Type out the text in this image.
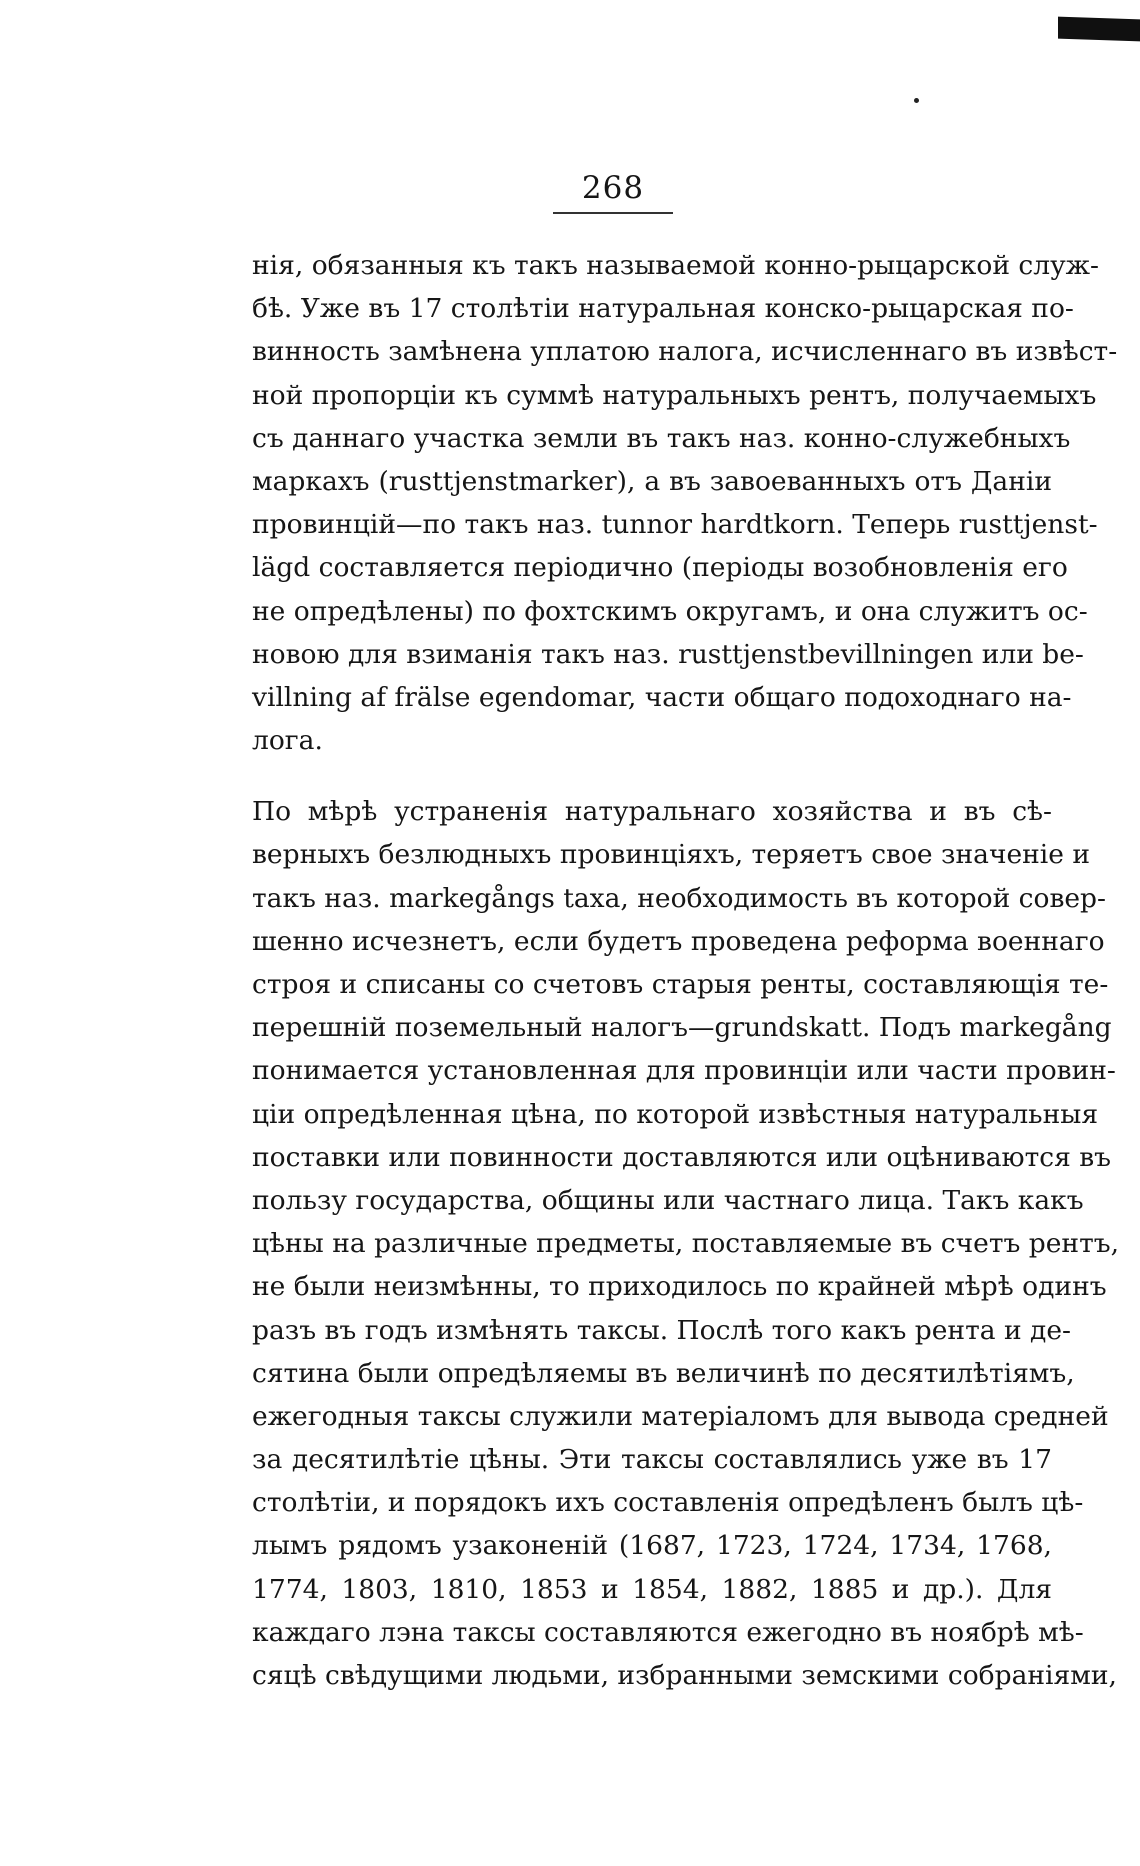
268
нія, обязанныя къ такъ называемой конно-рыцарской служ-
бѣ. Уже въ 17 столѣтіи натуральная конско-рыцарская по-
винность замѣнена уплатою налога, исчисленнаго въ извѣст-
ной пропорціи къ суммѣ натуральныхъ рентъ, получаемыхъ
съ даннаго участка земли въ такъ наз. конно-служебныхъ
маркахъ (rusttjenstmarker), а въ завоеванныхъ отъ Даніи
провинцій—по такъ наз. tunnor hardtkorn. Теперь rusttjenst-
lägd составляется періодично (періоды возобновленія его
не опредѣлены) по фохтскимъ округамъ, и она служитъ ос-
новою для взиманія такъ наз. rusttjenstbevillningen или be-
villning af frälse egendomar, части общаго подоходнаго на-
лога.
По мѣрѣ устраненія натуральнаго хозяйства и въ сѣ-
верныхъ безлюдныхъ провинціяхъ, теряетъ свое значеніе и
такъ наз. markegångs taxa, необходимость въ которой совер-
шенно исчезнетъ, если будетъ проведена реформа военнаго
строя и списаны со счетовъ старыя ренты, составляющія те-
перешній поземельный налогъ—grundskatt. Подъ markegång
понимается установленная для провинціи или части провин-
ціи опредѣленная цѣна, по которой извѣстныя натуральныя
поставки или повинности доставляются или оцѣниваются въ
пользу государства, общины или частнаго лица. Такъ какъ
цѣны на различные предметы, поставляемые въ счетъ рентъ,
не были неизмѣнны, то приходилось по крайней мѣрѣ одинъ
разъ въ годъ измѣнять таксы. Послѣ того какъ рента и де-
сятина были опредѣляемы въ величинѣ по десятилѣтіямъ,
ежегодныя таксы служили матеріаломъ для вывода средней
за десятилѣтіе цѣны. Эти таксы составлялись уже въ 17
столѣтіи, и порядокъ ихъ составленія опредѣленъ былъ цѣ-
лымъ рядомъ узаконеній (1687, 1723, 1724, 1734, 1768,
1774, 1803, 1810, 1853 и 1854, 1882, 1885 и др.). Для
каждаго лэна таксы составляются ежегодно въ ноябрѣ мѣ-
сяцѣ свѣдущими людьми, избранными земскими собраніями,
